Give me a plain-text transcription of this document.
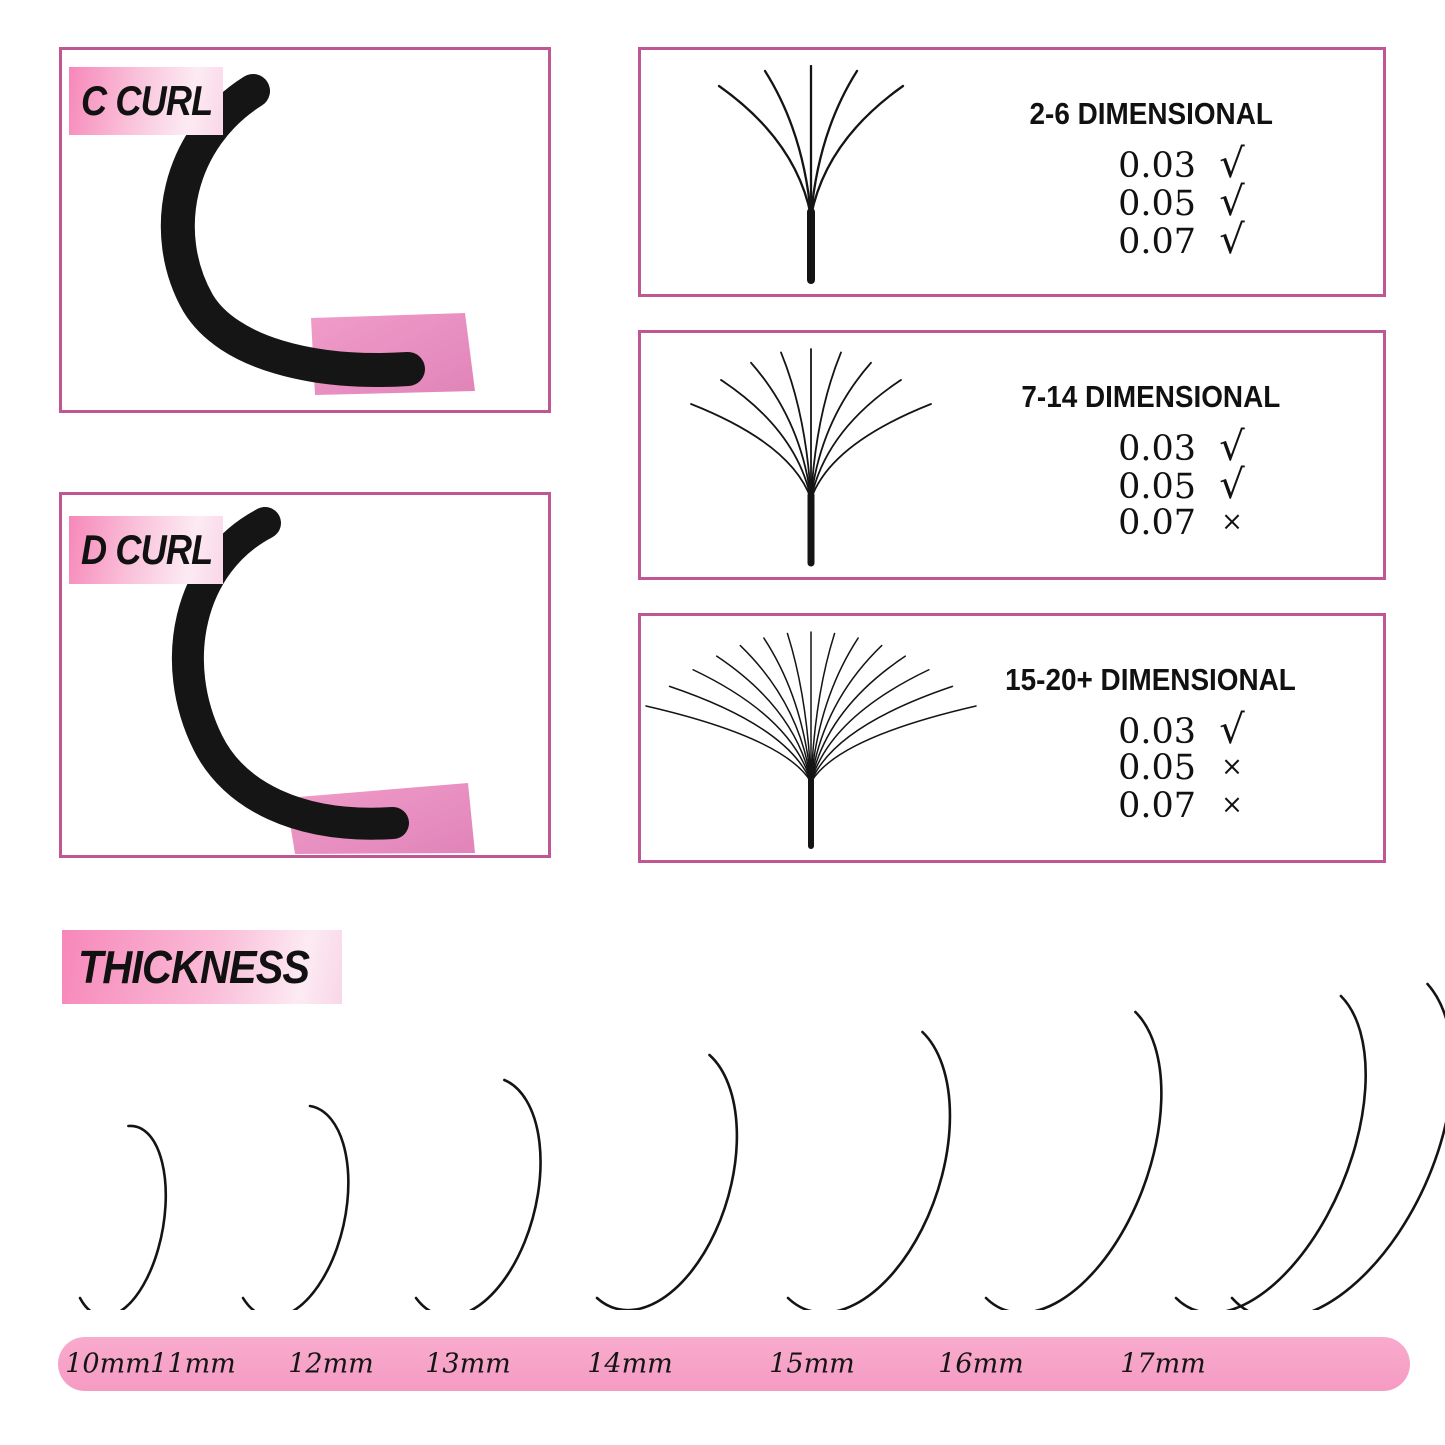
C CURL
D CURL
2-6 DIMENSIONAL
0.03 √
0.05 √
0.07 √
7-14 DIMENSIONAL
0.03 √
0.05 √
0.07 ×
15-20+ DIMENSIONAL
0.03 √
0.05 ×
0.07 ×
THICKNESS
10mm 11mm 12mm 13mm	14mm	15mm	16mm	17mm
